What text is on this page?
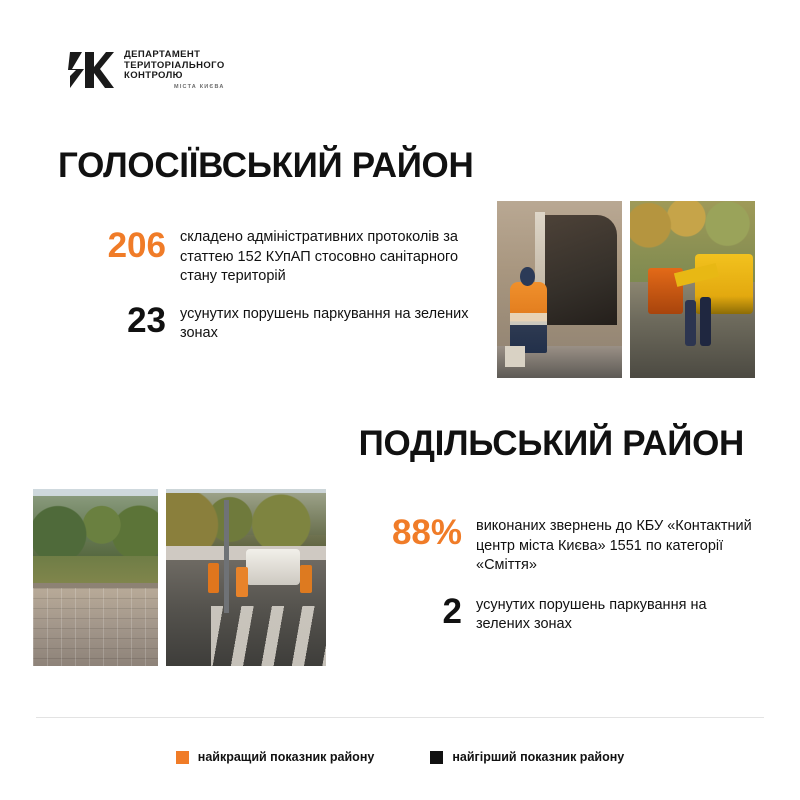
ДЕПАРТАМЕНТ
ТЕРИТОРІАЛЬНОГО
КОНТРОЛЮ
МІСТА КИЄВА
ГОЛОСІЇВСЬКИЙ РАЙОН
206 складено адміністративних протоколів за статтею 152 КУпАП стосовно санітарного стану територій
23 усунутих порушень паркування на зелених зонах
ПОДІЛЬСЬКИЙ РАЙОН
88% виконаних звернень до КБУ «Контактний центр міста Києва» 1551 по категорії «Сміття»
2 усунутих порушень паркування на зелених зонах
найкращий показник району	найгірший показник району
